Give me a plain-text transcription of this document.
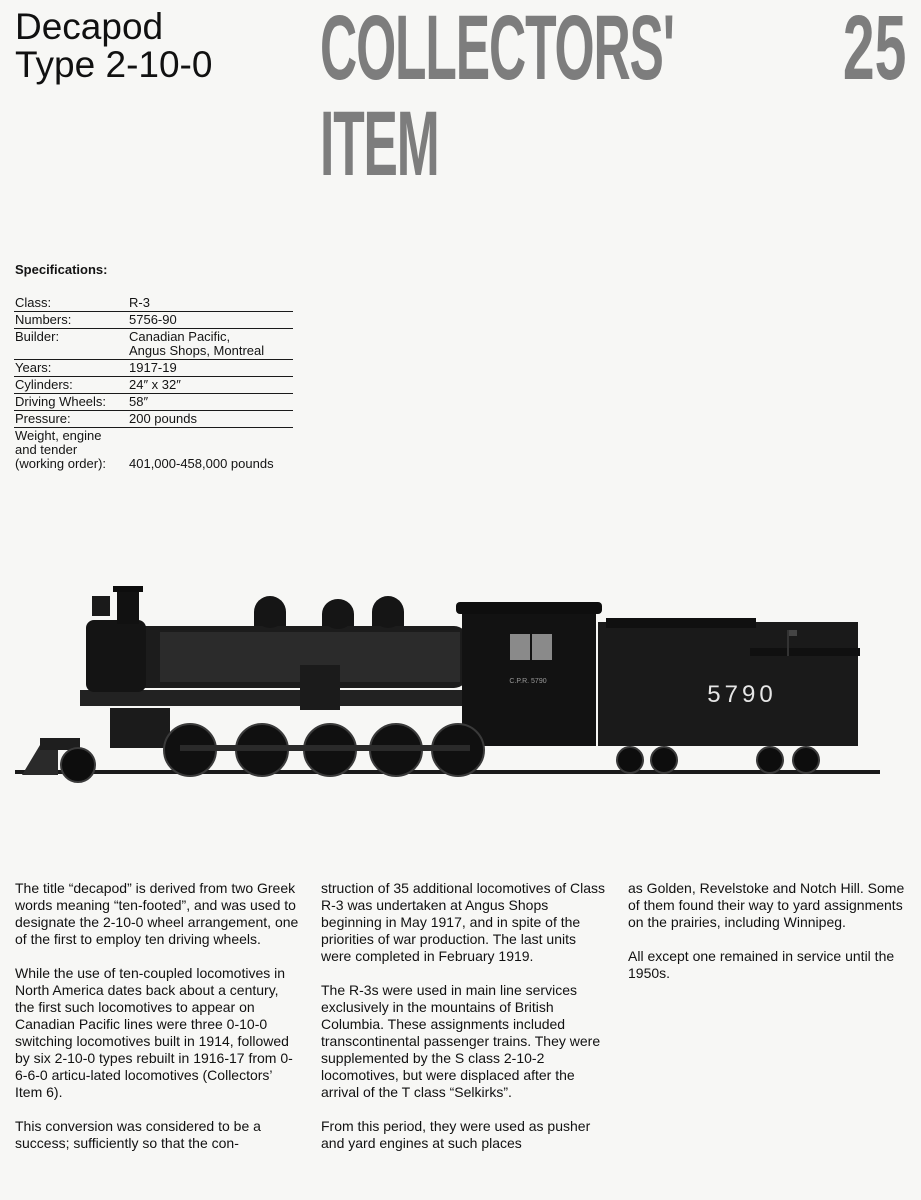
Decapod
Type 2-10-0 COLLECTORS'
ITEM
25
Specifications:
Class:	R-3
Numbers:	5756-90
Builder:	Canadian Pacific,
Angus Shops, Montreal

Years:	1917-19
Cylinders:	24″ x 32″
Driving Wheels:	58″
Pressure:	200 pounds

Weight, engine
and tender
(working order):	401,000-458,000 pounds
C.P.R. 5790	5790

The title “decapod” is derived from two Greek words meaning “ten-footed”, and was used to designate the 2-10-0 wheel arrangement, one of the first to employ ten driving wheels.

While the use of ten-coupled locomotives in North America dates back about a century, the first such locomotives to appear on Canadian Pacific lines were three 0-10-0 switching locomotives built in 1914, followed by six 2-10-0 types rebuilt in 1916-17 from 0-6-6-0 articu-lated locomotives (Collectors’ Item 6).

This conversion was considered to be a success; sufficiently so that the con-

struction of 35 additional locomotives of Class R-3 was undertaken at Angus Shops beginning in May 1917, and in spite of the priorities of war production. The last units were completed in February 1919.

The R-3s were used in main line services exclusively in the mountains of British Columbia. These assignments included transcontinental passenger trains. They were supplemented by the S class 2-10-2 locomotives, but were displaced after the arrival of the T class “Selkirks”.

From this period, they were used as pusher and yard engines at such places

as Golden, Revelstoke and Notch Hill. Some of them found their way to yard assignments on the prairies, including Winnipeg.

All except one remained in service until the 1950s.
